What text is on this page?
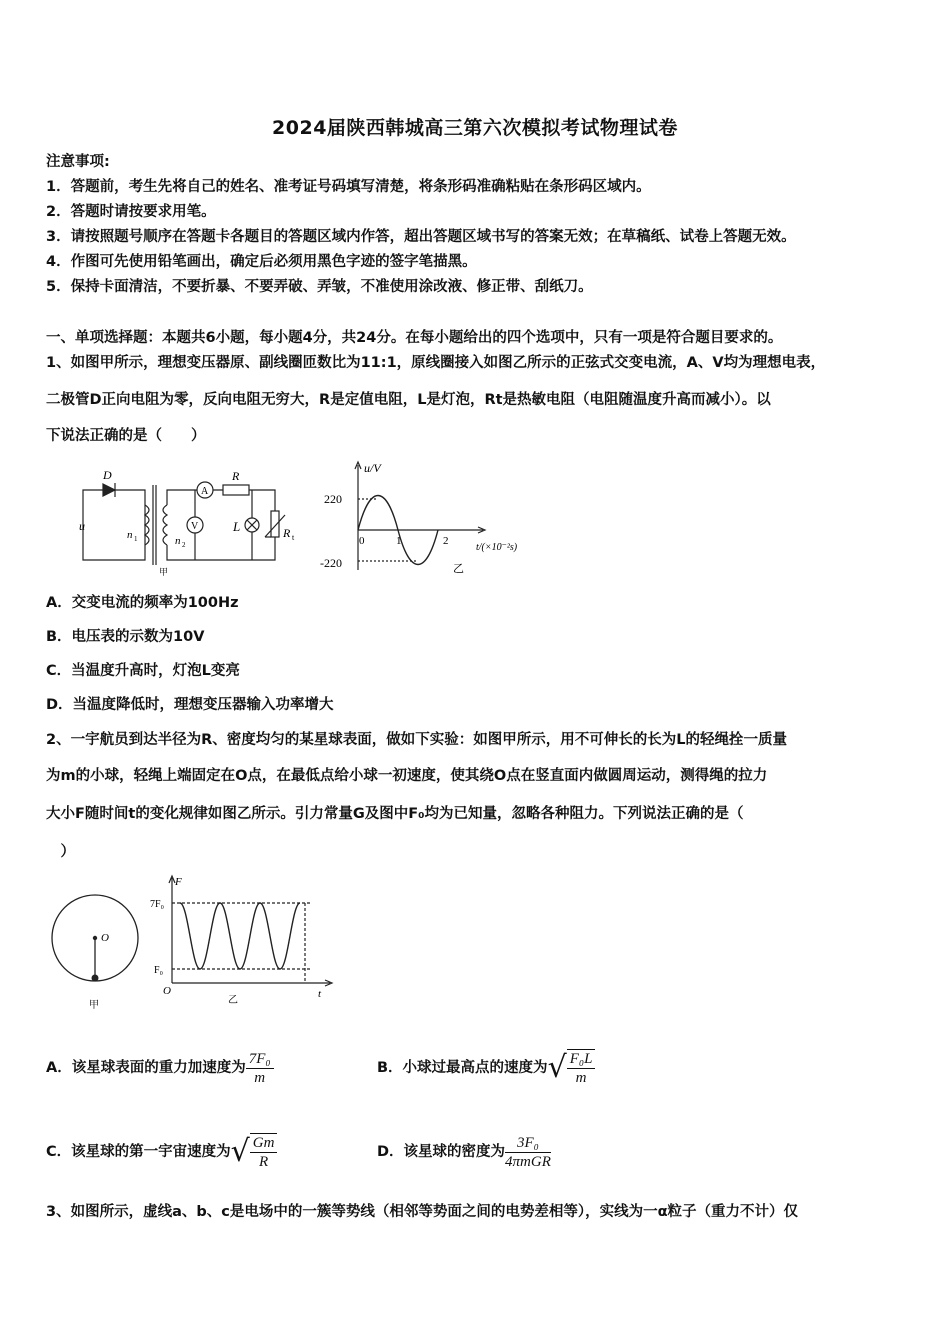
2024届陕西韩城高三第六次模拟考试物理试卷
注意事项:
1．答题前，考生先将自己的姓名、准考证号码填写清楚，将条形码准确粘贴在条形码区域内。
2．答题时请按要求用笔。
3．请按照题号顺序在答题卡各题目的答题区域内作答，超出答题区域书写的答案无效；在草稿纸、试卷上答题无效。
4．作图可先使用铅笔画出，确定后必须用黑色字迹的签字笔描黑。
5．保持卡面清洁，不要折暴、不要弄破、弄皱，不准使用涂改液、修正带、刮纸刀。
一、单项选择题：本题共6小题，每小题4分，共24分。在每小题给出的四个选项中，只有一项是符合题目要求的。
1、如图甲所示，理想变压器原、副线圈匝数比为11:1，原线圈接入如图乙所示的正弦式交变电流，A、V均为理想电表，
二极管D正向电阻为零，反向电阻无穷大，R是定值电阻，L是灯泡，Rt是热敏电阻（电阻随温度升高而减小）。以
下说法正确的是（　　）
D	R
A
V	L	R t
u
n 1	n 2
甲
u/V
220
-220
0	1	2
t/(×10⁻²s)
乙
A．交变电流的频率为100Hz
B．电压表的示数为10V
C．当温度升高时，灯泡L变亮
D．当温度降低时，理想变压器输入功率增大
2、一宇航员到达半径为R、密度均匀的某星球表面，做如下实验：如图甲所示，用不可伸长的长为L的轻绳拴一质量
为m的小球，轻绳上端固定在O点，在最低点给小球一初速度，使其绕O点在竖直面内做圆周运动，测得绳的拉力
大小F随时间t的变化规律如图乙所示。引力常量G及图中F₀均为已知量，忽略各种阻力。下列说法正确的是（
　）
O
甲
F
7F₀
F₀
O	t
乙
A．该星球表面的重力加速度为 $\frac{\text{7F₀}}{m}$	B．小球过最高点的速度为√ $\frac{\text{F₀L}}{m}$
C．该星球的第一宇宙速度为√ $\frac{Gm}{R}$	D．该星球的密度为 $\frac{\text{3F₀}}{\text{4πmGR}}$
3、如图所示，虚线a、b、c是电场中的一簇等势线（相邻等势面之间的电势差相等），实线为一α粒子（重力不计）仅
